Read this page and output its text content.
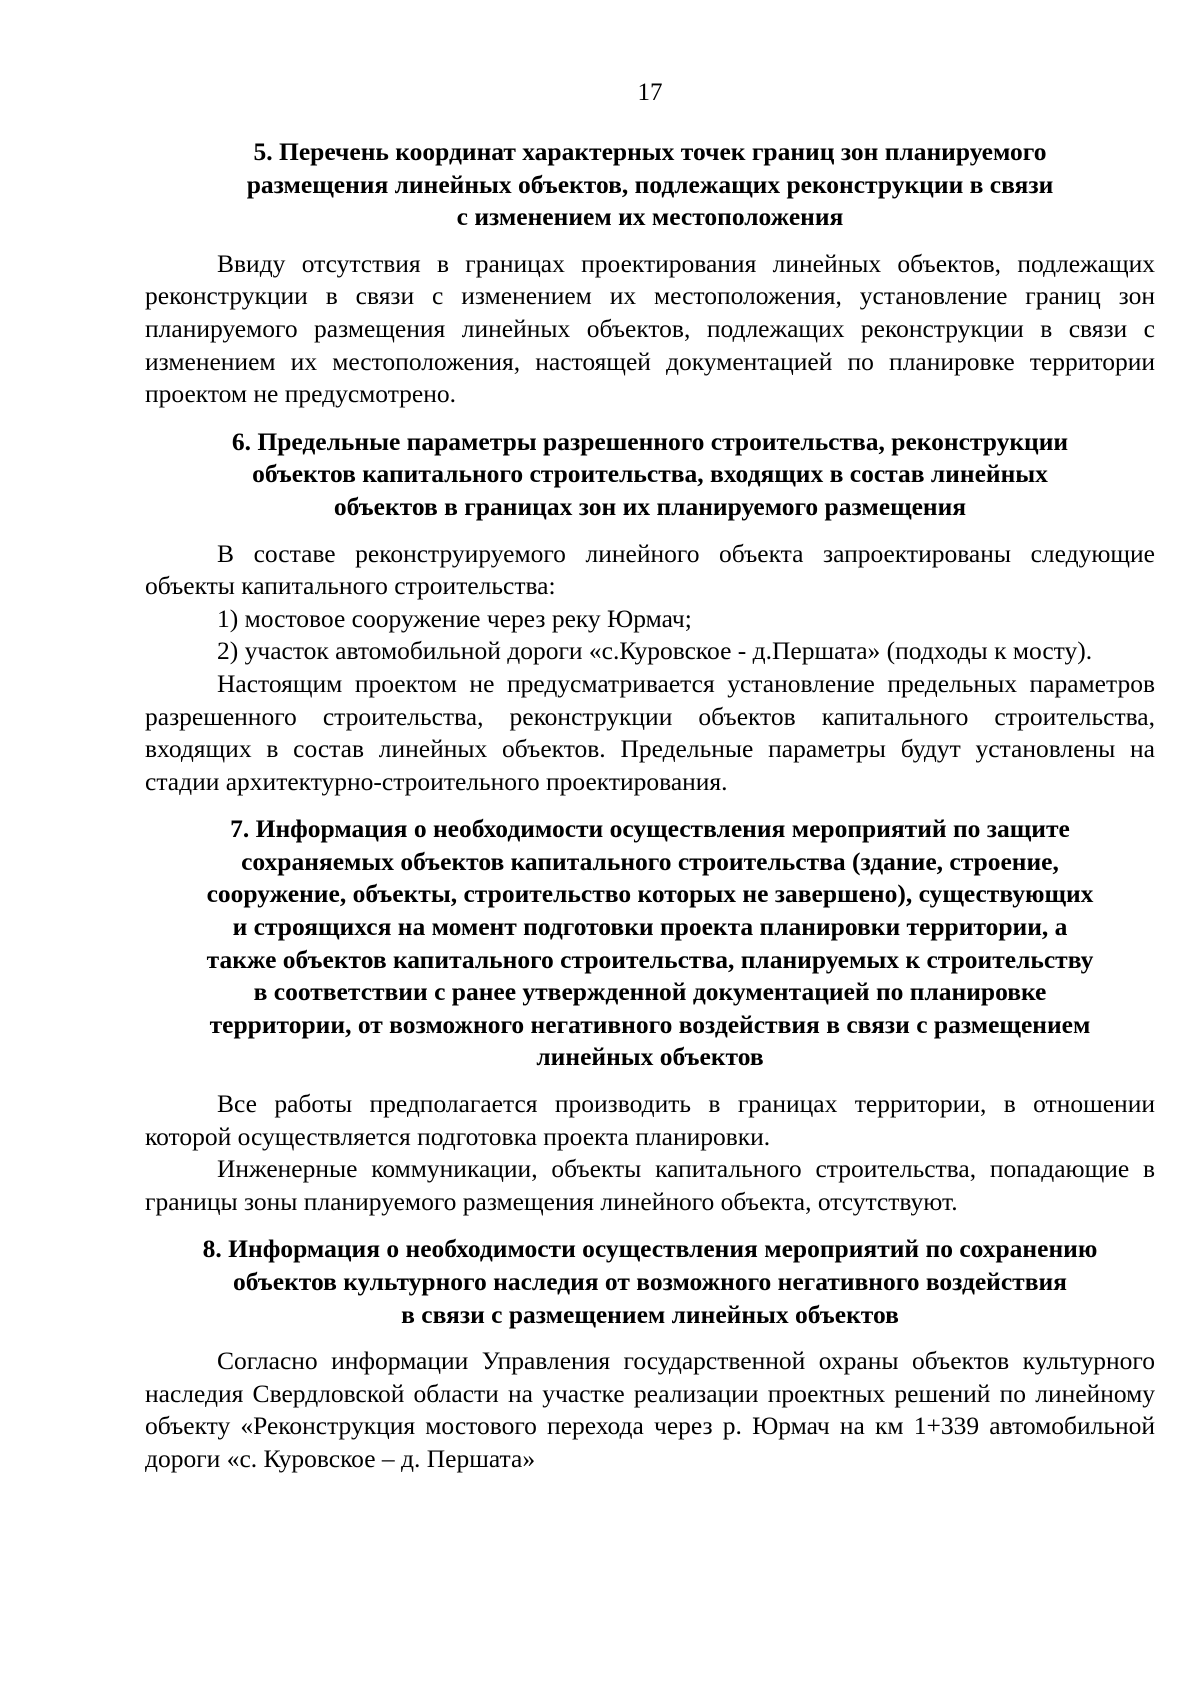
17
5. Перечень координат характерных точек границ зон планируемого
размещения линейных объектов, подлежащих реконструкции в связи
с изменением их местоположения

Ввиду отсутствия в границах проектирования линейных объектов, подлежащих реконструкции в связи с изменением их местоположения, установление границ зон планируемого размещения линейных объектов, подлежащих реконструкции в связи с изменением их местоположения, настоящей документацией по планировке территории проектом не предусмотрено.

6. Предельные параметры разрешенного строительства, реконструкции
объектов капитального строительства, входящих в состав линейных
объектов в границах зон их планируемого размещения

В составе реконструируемого линейного объекта запроектированы следующие объекты капитального строительства:

1) мостовое сооружение через реку Юрмач;

2) участок автомобильной дороги «с.Куровское - д.Першата» (подходы к мосту).

Настоящим проектом не предусматривается установление предельных параметров разрешенного строительства, реконструкции объектов капитального строительства, входящих в состав линейных объектов. Предельные параметры будут установлены на стадии архитектурно-строительного проектирования.

7. Информация о необходимости осуществления мероприятий по защите
сохраняемых объектов капитального строительства (здание, строение,
сооружение, объекты, строительство которых не завершено), существующих
и строящихся на момент подготовки проекта планировки территории, а
также объектов капитального строительства, планируемых к строительству
в соответствии с ранее утвержденной документацией по планировке
территории, от возможного негативного воздействия в связи с размещением
линейных объектов

Все работы предполагается производить в границах территории, в отношении которой осуществляется подготовка проекта планировки.

Инженерные коммуникации, объекты капитального строительства, попадающие в границы зоны планируемого размещения линейного объекта, отсутствуют.

8. Информация о необходимости осуществления мероприятий по сохранению
объектов культурного наследия от возможного негативного воздействия
в связи с размещением линейных объектов

Согласно информации Управления государственной охраны объектов культурного наследия Свердловской области на участке реализации проектных решений по линейному объекту «Реконструкция мостового перехода через р. Юрмач на км 1+339 автомобильной дороги «с. Куровское – д. Першата»
